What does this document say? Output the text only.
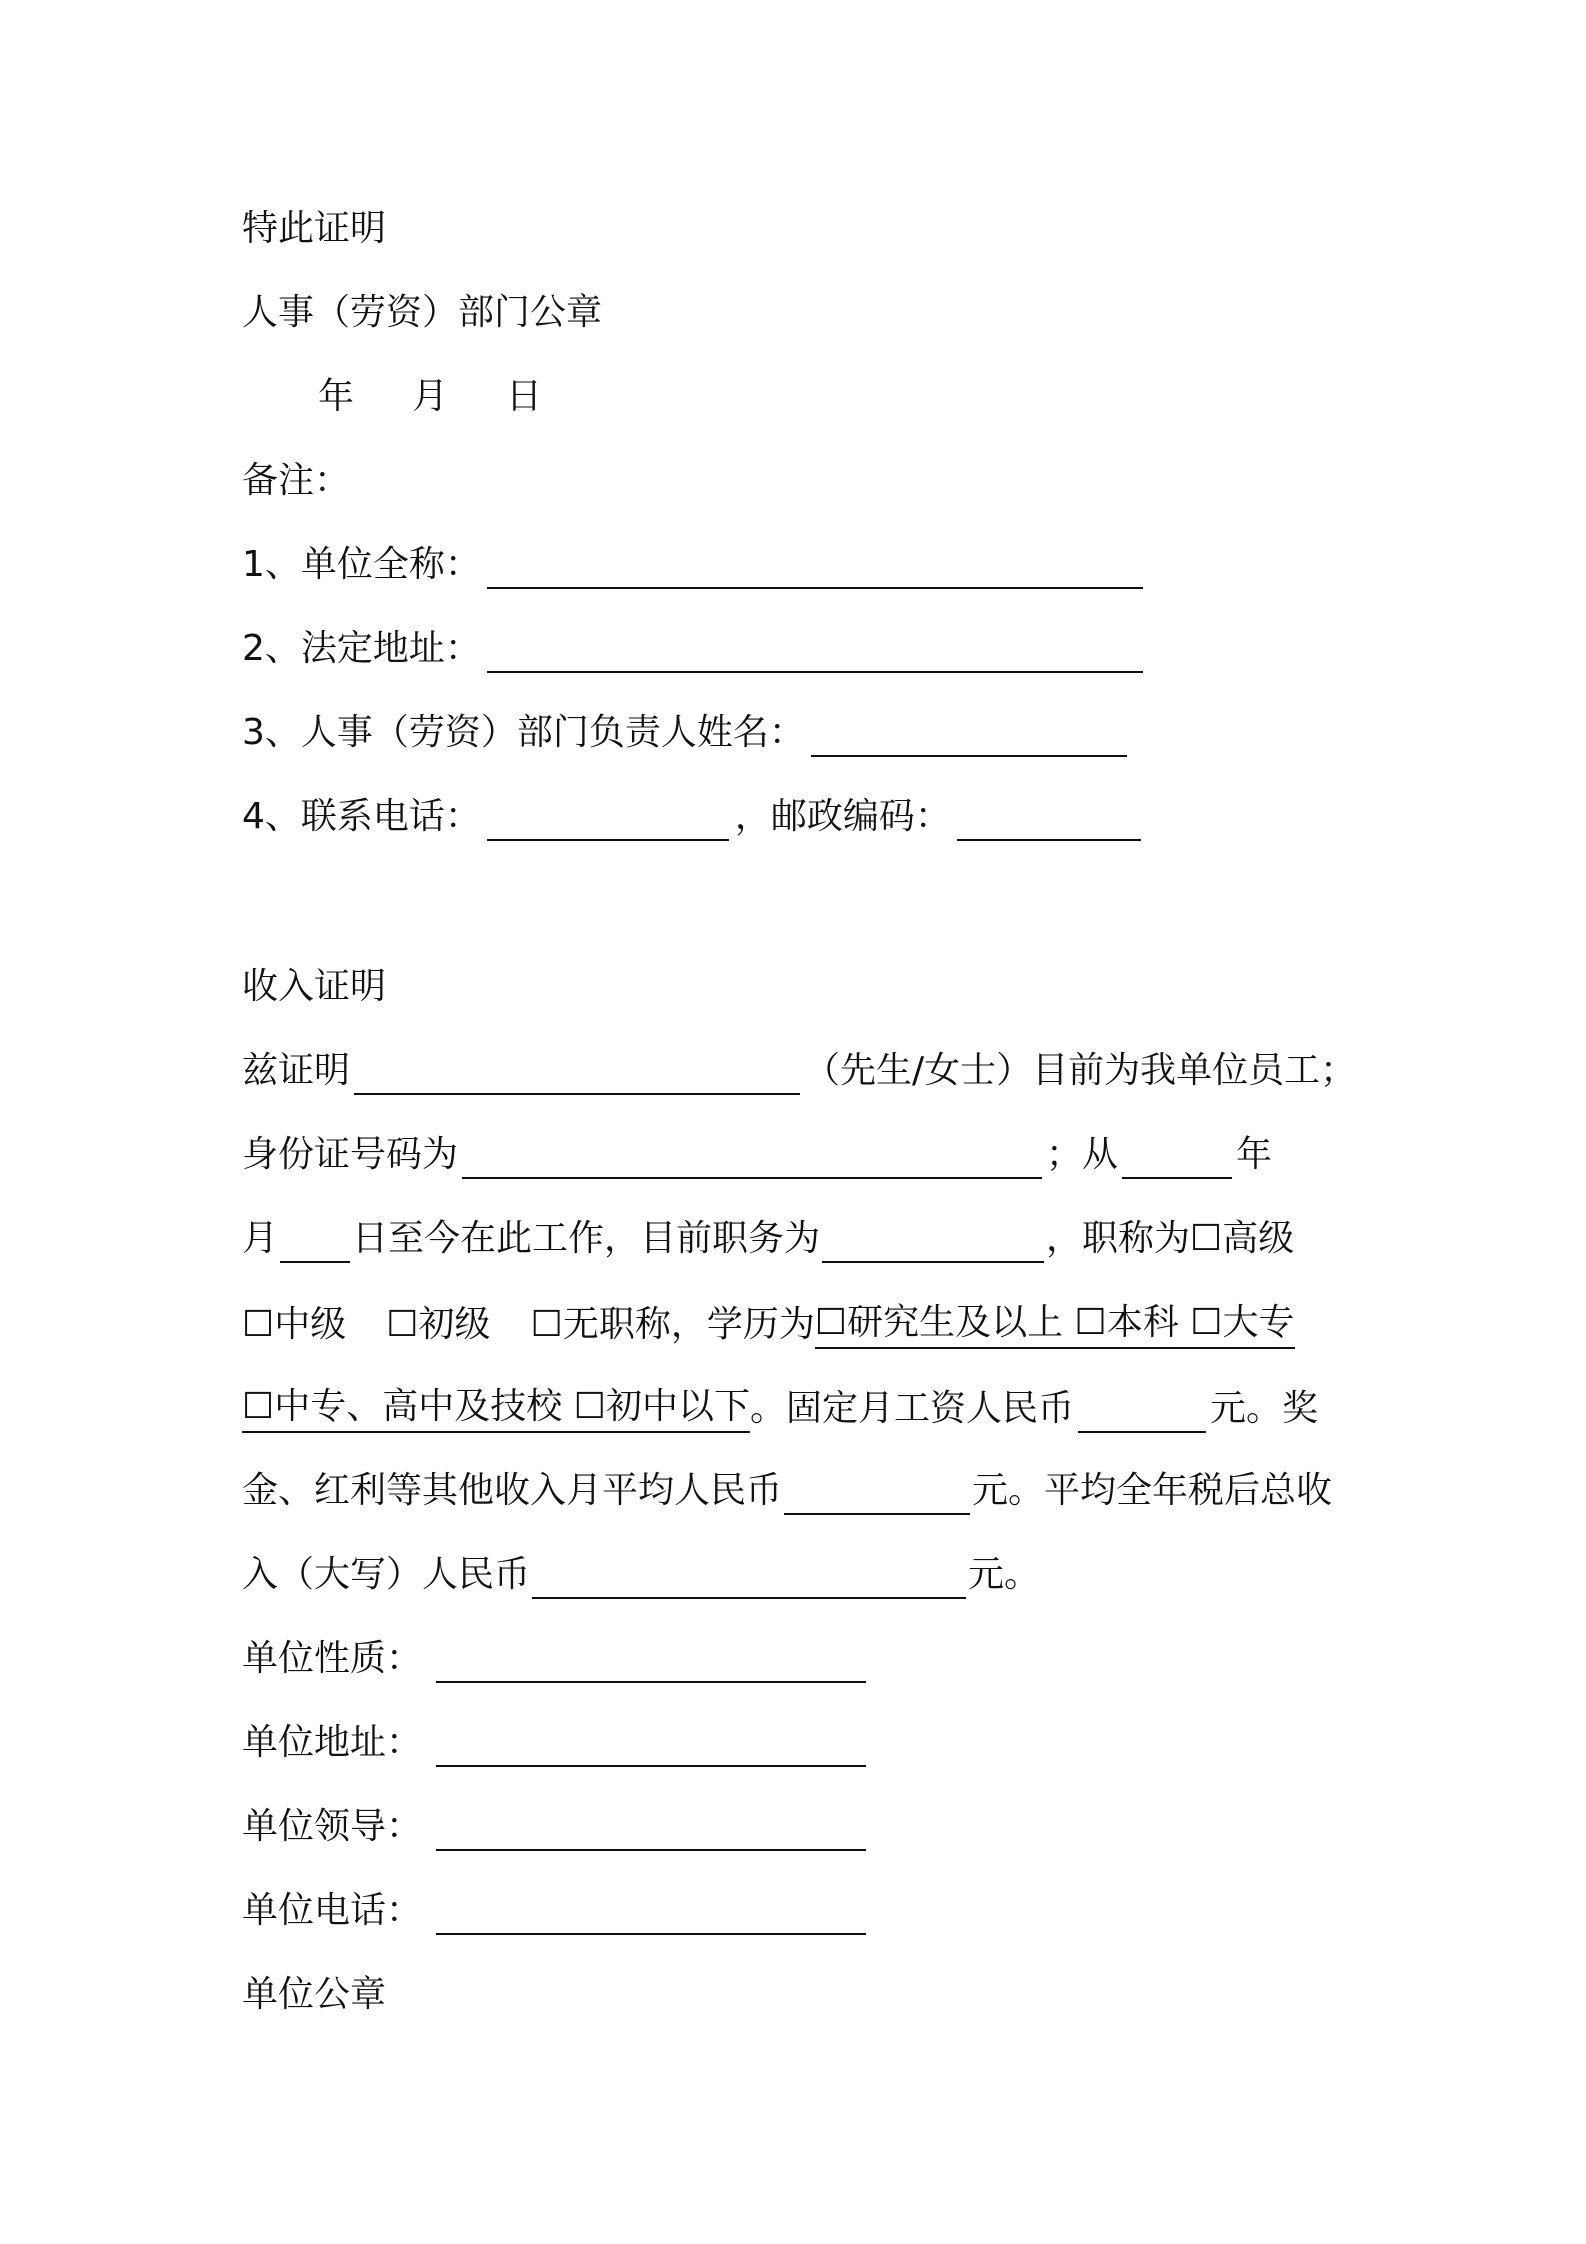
特此证明
人事（劳资）部门公章
年 月 日
备注：
1、单位全称：
2、法定地址：
3、人事（劳资）部门负责人姓名：
4、联系电话：	，邮政编码：
收入证明
兹证明	（先生/女士）目前为我单位员工；
身份证号码为	；从	年
月 日至今在此工作，目前职务为	，职称为☐高级
☐中级 ☐初级 ☐无职称，学历为☐研究生及以上 ☐本科 ☐大专
☐中专、高中及技校 ☐初中以下。固定月工资人民币	元。奖
金、红利等其他收入月平均人民币	元。平均全年税后总收
入（大写）人民币	元。
单位性质：
单位地址：
单位领导：
单位电话：
单位公章
